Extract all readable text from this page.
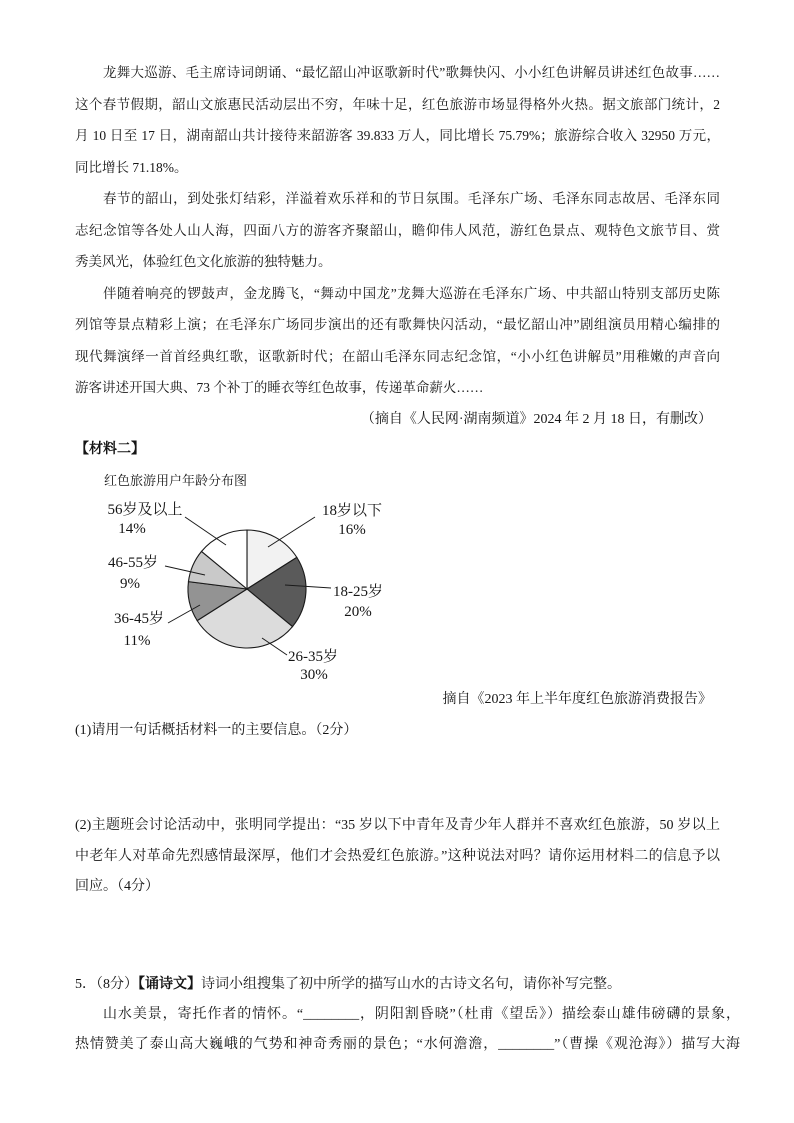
龙舞大巡游、毛主席诗词朗诵、“最忆韶山冲讴歌新时代”歌舞快闪、小小红色讲解员讲述红色故事……
这个春节假期，韶山文旅惠民活动层出不穷，年味十足，红色旅游市场显得格外火热。据文旅部门统计，2
月 10 日至 17 日，湖南韶山共计接待来韶游客 39.833 万人，同比增长 75.79%；旅游综合收入 32950 万元，
同比增长 71.18%。
春节的韶山，到处张灯结彩，洋溢着欢乐祥和的节日氛围。毛泽东广场、毛泽东同志故居、毛泽东同
志纪念馆等各处人山人海，四面八方的游客齐聚韶山，瞻仰伟人风范，游红色景点、观特色文旅节目、赏
秀美风光，体验红色文化旅游的独特魅力。
伴随着响亮的锣鼓声，金龙腾飞，“舞动中国龙”龙舞大巡游在毛泽东广场、中共韶山特别支部历史陈
列馆等景点精彩上演；在毛泽东广场同步演出的还有歌舞快闪活动，“最忆韶山冲”剧组演员用精心编排的
现代舞演绎一首首经典红歌，讴歌新时代；在韶山毛泽东同志纪念馆，“小小红色讲解员”用稚嫩的声音向
游客讲述开国大典、73 个补丁的睡衣等红色故事，传递革命薪火……
（摘自《人民网·湖南频道》2024 年 2 月 18 日，有删改）
【材料二】
红色旅游用户年龄分布图
18岁以下
16%
18-25岁
20%
26-35岁
30%
36-45岁
11%
46-55岁
9%
56岁及以上
14%
摘自《2023 年上半年度红色旅游消费报告》
(1)请用一句话概括材料一的主要信息。（2分）
(2)主题班会讨论活动中，张明同学提出：“35 岁以下中青年及青少年人群并不喜欢红色旅游，50 岁以上
中老年人对革命先烈感情最深厚，他们才会热爱红色旅游。”这种说法对吗？请你运用材料二的信息予以
回应。（4分）
5．（8分）【诵诗文】诗词小组搜集了初中所学的描写山水的古诗文名句，请你补写完整。
山水美景，寄托作者的情怀。“________，阴阳割昏晓”（杜甫《望岳》）描绘泰山雄伟磅礴的景象，
热情赞美了泰山高大巍峨的气势和神奇秀丽的景色；“水何澹澹，________”（曹操《观沧海》）描写大海
